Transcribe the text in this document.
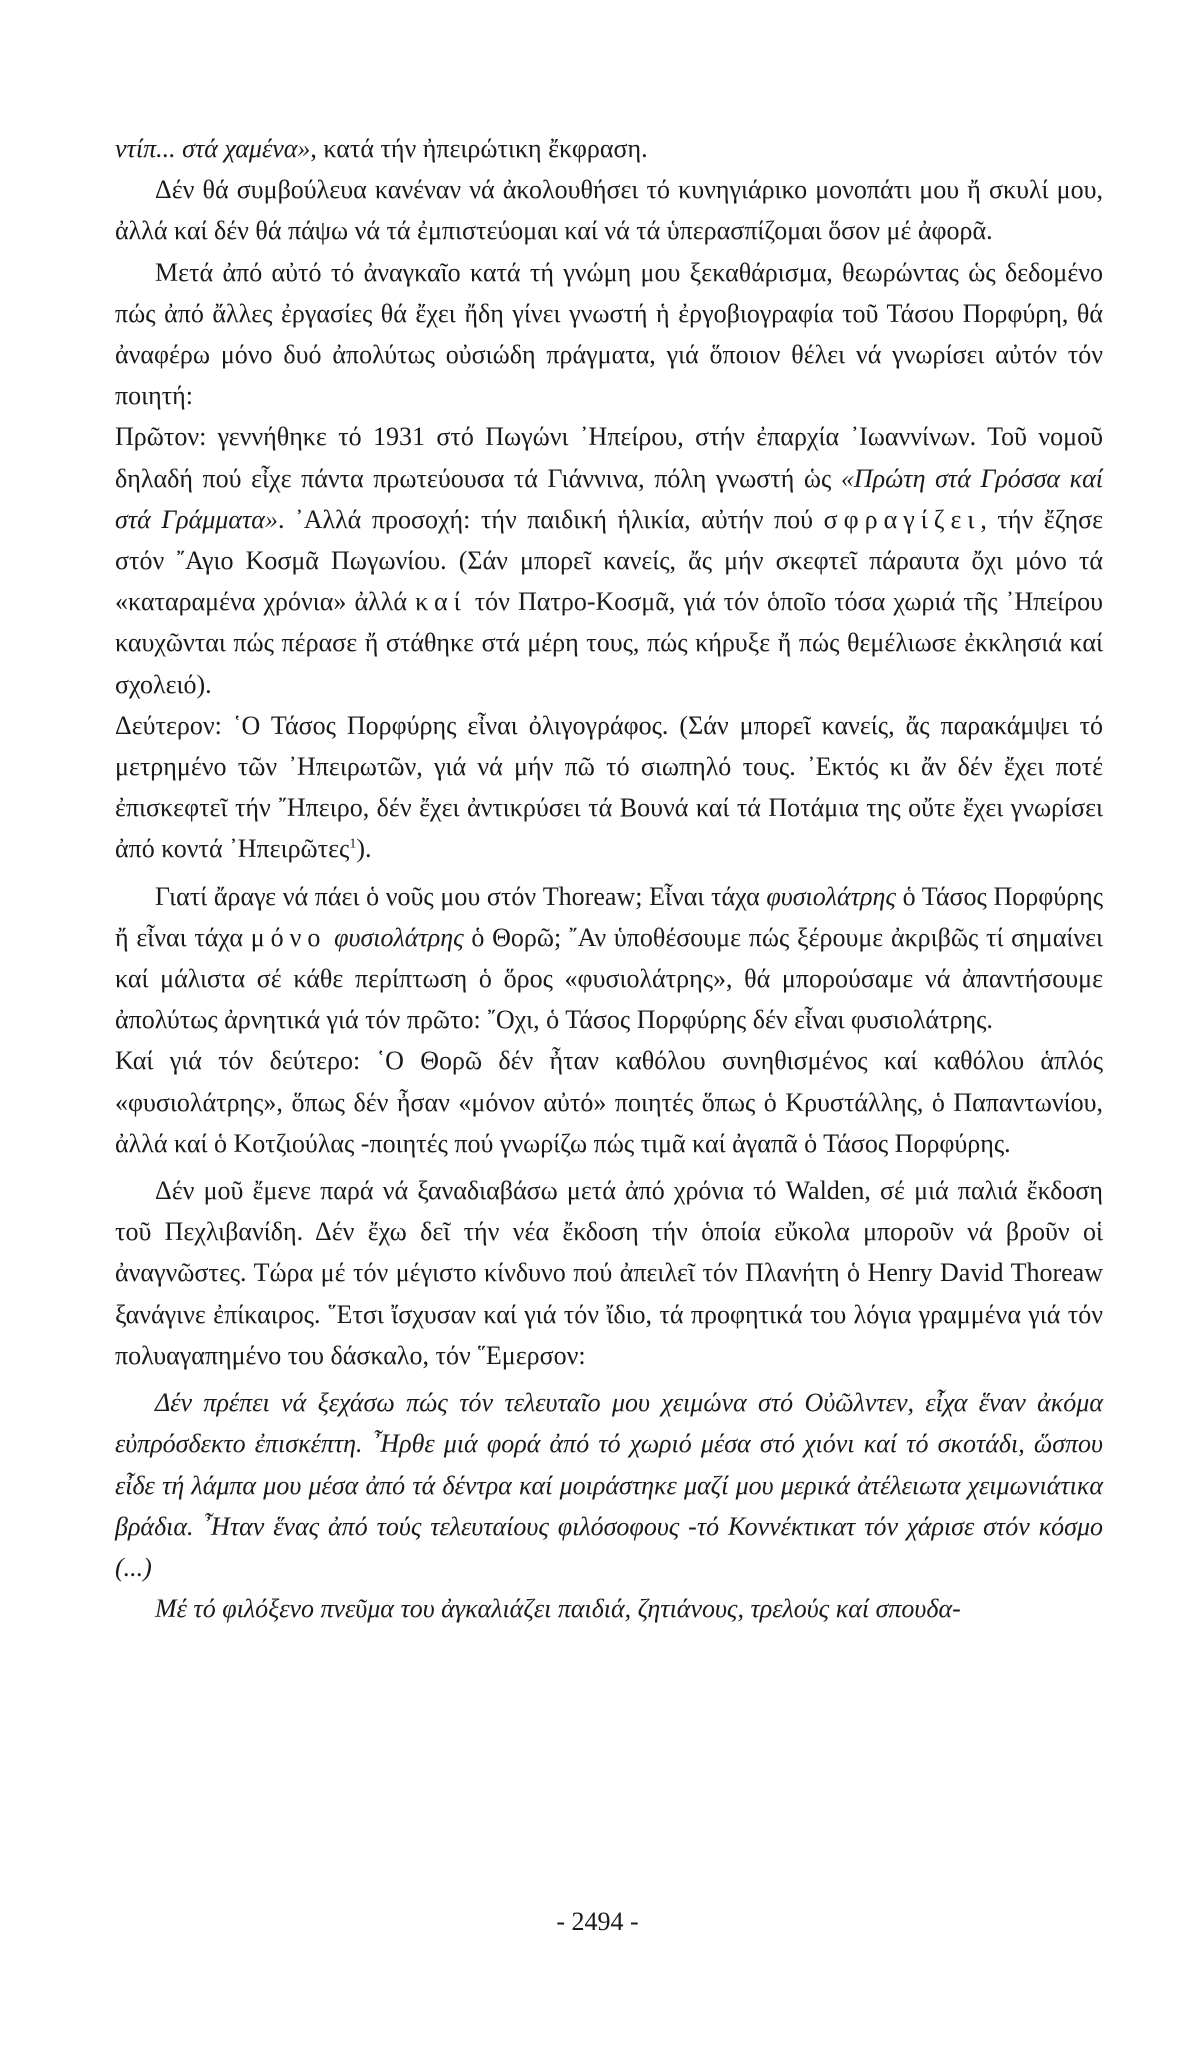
ντίπ... στά χαμένα», κατά τήν ἠπειρώτικη ἔκφραση.

Δέν θά συμβούλευα κανέναν νά ἀκολουθήσει τό κυνηγιάρικο μονοπάτι μου ἤ σκυλί μου, ἀλλά καί δέν θά πάψω νά τά ἐμπιστεύομαι καί νά τά ὑπερασπίζομαι ὅσον μέ ἀφορᾶ.

Μετά ἀπό αὐτό τό ἀναγκαῖο κατά τή γνώμη μου ξεκαθάρισμα, θεωρώντας ὡς δεδομένο πώς ἀπό ἄλλες ἐργασίες θά ἔχει ἤδη γίνει γνωστή ἡ ἐργοβιογραφία τοῦ Τάσου Πορφύρη, θά ἀναφέρω μόνο δυό ἀπολύτως οὐσιώδη πράγματα, γιά ὅποιον θέλει νά γνωρίσει αὐτόν τόν ποιητή:

Πρῶτον: γεννήθηκε τό 1931 στό Πωγώνι ᾿Ηπείρου, στήν ἐπαρχία ᾿Ιωαννίνων. Τοῦ νομοῦ δηλαδή πού εἶχε πάντα πρωτεύουσα τά Γιάννινα, πόλη γνωστή ὡς «Πρώτη στά Γρόσσα καί στά Γράμματα». ᾿Αλλά προσοχή: τήν παιδική ἡλικία, αὐτήν πού σφραγίζει, τήν ἔζησε στόν ῎Αγιο Κοσμᾶ Πωγωνίου. (Σάν μπορεῖ κανείς, ἄς μήν σκεφτεῖ πάραυτα ὄχι μόνο τά «καταραμένα χρόνια» ἀλλά καί τόν Πατρο-Κοσμᾶ, γιά τόν ὁποῖο τόσα χωριά τῆς ᾿Ηπείρου καυχῶνται πώς πέρασε ἤ στάθηκε στά μέρη τους, πώς κήρυξε ἤ πώς θεμέλιωσε ἐκκλησιά καί σχολειό).

Δεύτερον: ῾Ο Τάσος Πορφύρης εἶναι ὀλιγογράφος. (Σάν μπορεῖ κανείς, ἄς παρακάμψει τό μετρημένο τῶν ᾿Ηπειρωτῶν, γιά νά μήν πῶ τό σιωπηλό τους. ᾿Εκτός κι ἄν δέν ἔχει ποτέ ἐπισκεφτεῖ τήν ῎Ηπειρο, δέν ἔχει ἀντικρύσει τά Βουνά καί τά Ποτάμια της οὔτε ἔχει γνωρίσει ἀπό κοντά ᾿Ηπειρῶτες$^1$).

Γιατί ἄραγε νά πάει ὁ νοῦς μου στόν Thoreaw; Εἶναι τάχα φυσιολάτρης ὁ Τάσος Πορφύρης ἤ εἶναι τάχα μόνο φυσιολάτρης ὁ Θορῶ; ῎Αν ὑποθέσουμε πώς ξέρουμε ἀκριβῶς τί σημαίνει καί μάλιστα σέ κάθε περίπτωση ὁ ὅρος «φυσιολάτρης», θά μπορούσαμε νά ἀπαντήσουμε ἀπολύτως ἀρνητικά γιά τόν πρῶτο: ῎Οχι, ὁ Τάσος Πορφύρης δέν εἶναι φυσιολάτρης.

Καί γιά τόν δεύτερο: ῾Ο Θορῶ δέν ἦταν καθόλου συνηθισμένος καί καθόλου ἁπλός «φυσιολάτρης», ὅπως δέν ἦσαν «μόνον αὐτό» ποιητές ὅπως ὁ Κρυστάλλης, ὁ Παπαντωνίου, ἀλλά καί ὁ Κοτζιούλας -ποιητές πού γνωρίζω πώς τιμᾶ καί ἀγαπᾶ ὁ Τάσος Πορφύρης.

Δέν μοῦ ἔμενε παρά νά ξαναδιαβάσω μετά ἀπό χρόνια τό Walden, σέ μιά παλιά ἔκδοση τοῦ Πεχλιβανίδη. Δέν ἔχω δεῖ τήν νέα ἔκδοση τήν ὁποία εὔκολα μποροῦν νά βροῦν οἱ ἀναγνῶστες. Τώρα μέ τόν μέγιστο κίνδυνο πού ἀπειλεῖ τόν Πλανήτη ὁ Henry David Thoreaw ξανάγινε ἐπίκαιρος. ῞Ετσι ἴσχυσαν καί γιά τόν ἴδιο, τά προφητικά του λόγια γραμμένα γιά τόν πολυαγαπημένο του δάσκαλο, τόν ῞Εμερσον:

Δέν πρέπει νά ξεχάσω πώς τόν τελευταῖο μου χειμώνα στό Οὐῶλντεν, εἶχα ἕναν ἀκόμα εὐπρόσδεκτο ἐπισκέπτη. ῏Ηρθε μιά φορά ἀπό τό χωριό μέσα στό χιόνι καί τό σκοτάδι, ὥσπου εἶδε τή λάμπα μου μέσα ἀπό τά δέντρα καί μοιράστηκε μαζί μου μερικά ἀτέλειωτα χειμωνιάτικα βράδια. ῏Ηταν ἕνας ἀπό τούς τελευταίους φιλόσοφους -τό Κοννέκτικατ τόν χάρισε στόν κόσμο (...)

Μέ τό φιλόξενο πνεῦμα του ἀγκαλιάζει παιδιά, ζητιάνους, τρελούς καί σπουδα-

- 2494 -
